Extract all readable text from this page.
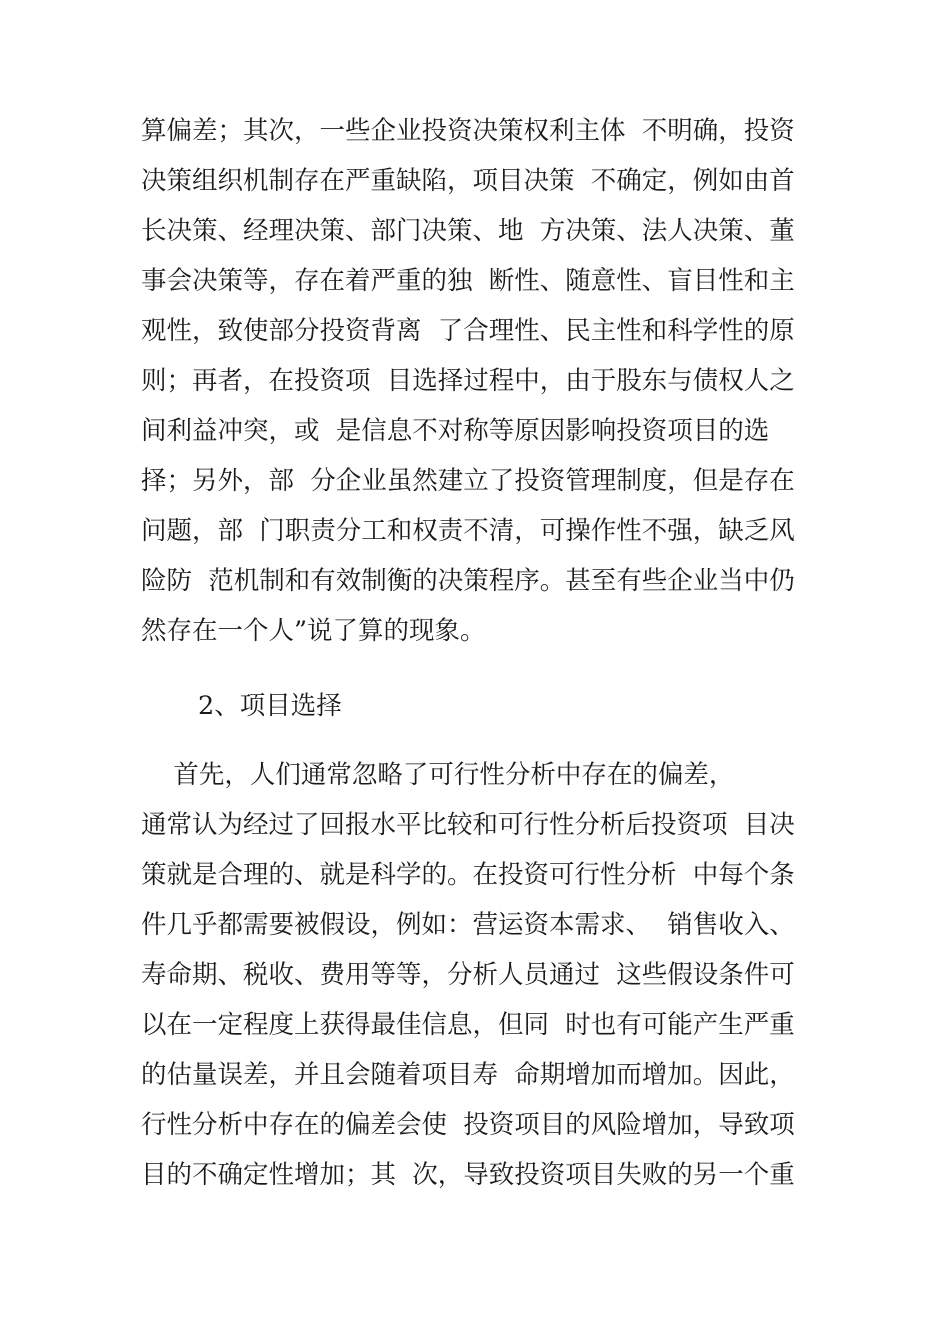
算偏差；其次，一些企业投资决策权利主体  不明确，投资
决策组织机制存在严重缺陷，项目决策  不确定，例如由首
长决策、经理决策、部门决策、地  方决策、法人决策、董
事会决策等，存在着严重的独  断性、随意性、盲目性和主
观性，致使部分投资背离  了合理性、民主性和科学性的原
则；再者，在投资项  目选择过程中，由于股东与债权人之
间利益冲突，或  是信息不对称等原因影响投资项目的选
择；另外，部  分企业虽然建立了投资管理制度，但是存在
问题，部  门职责分工和权责不清，可操作性不强，缺乏风
险防  范机制和有效制衡的决策程序。甚至有些企业当中仍
然存在一个人”说了算的现象。
2、项目选择
首先，人们通常忽略了可行性分析中存在的偏差，
通常认为经过了回报水平比较和可行性分析后投资项  目决
策就是合理的、就是科学的。在投资可行性分析  中每个条
件几乎都需要被假设，例如：营运资本需求、  销售收入、
寿命期、税收、费用等等，分析人员通过  这些假设条件可
以在一定程度上获得最佳信息，但同  时也有可能产生严重
的估量误差，并且会随着项目寿  命期增加而增加。因此，
行性分析中存在的偏差会使  投资项目的风险增加，导致项
目的不确定性增加；其  次，导致投资项目失败的另一个重
